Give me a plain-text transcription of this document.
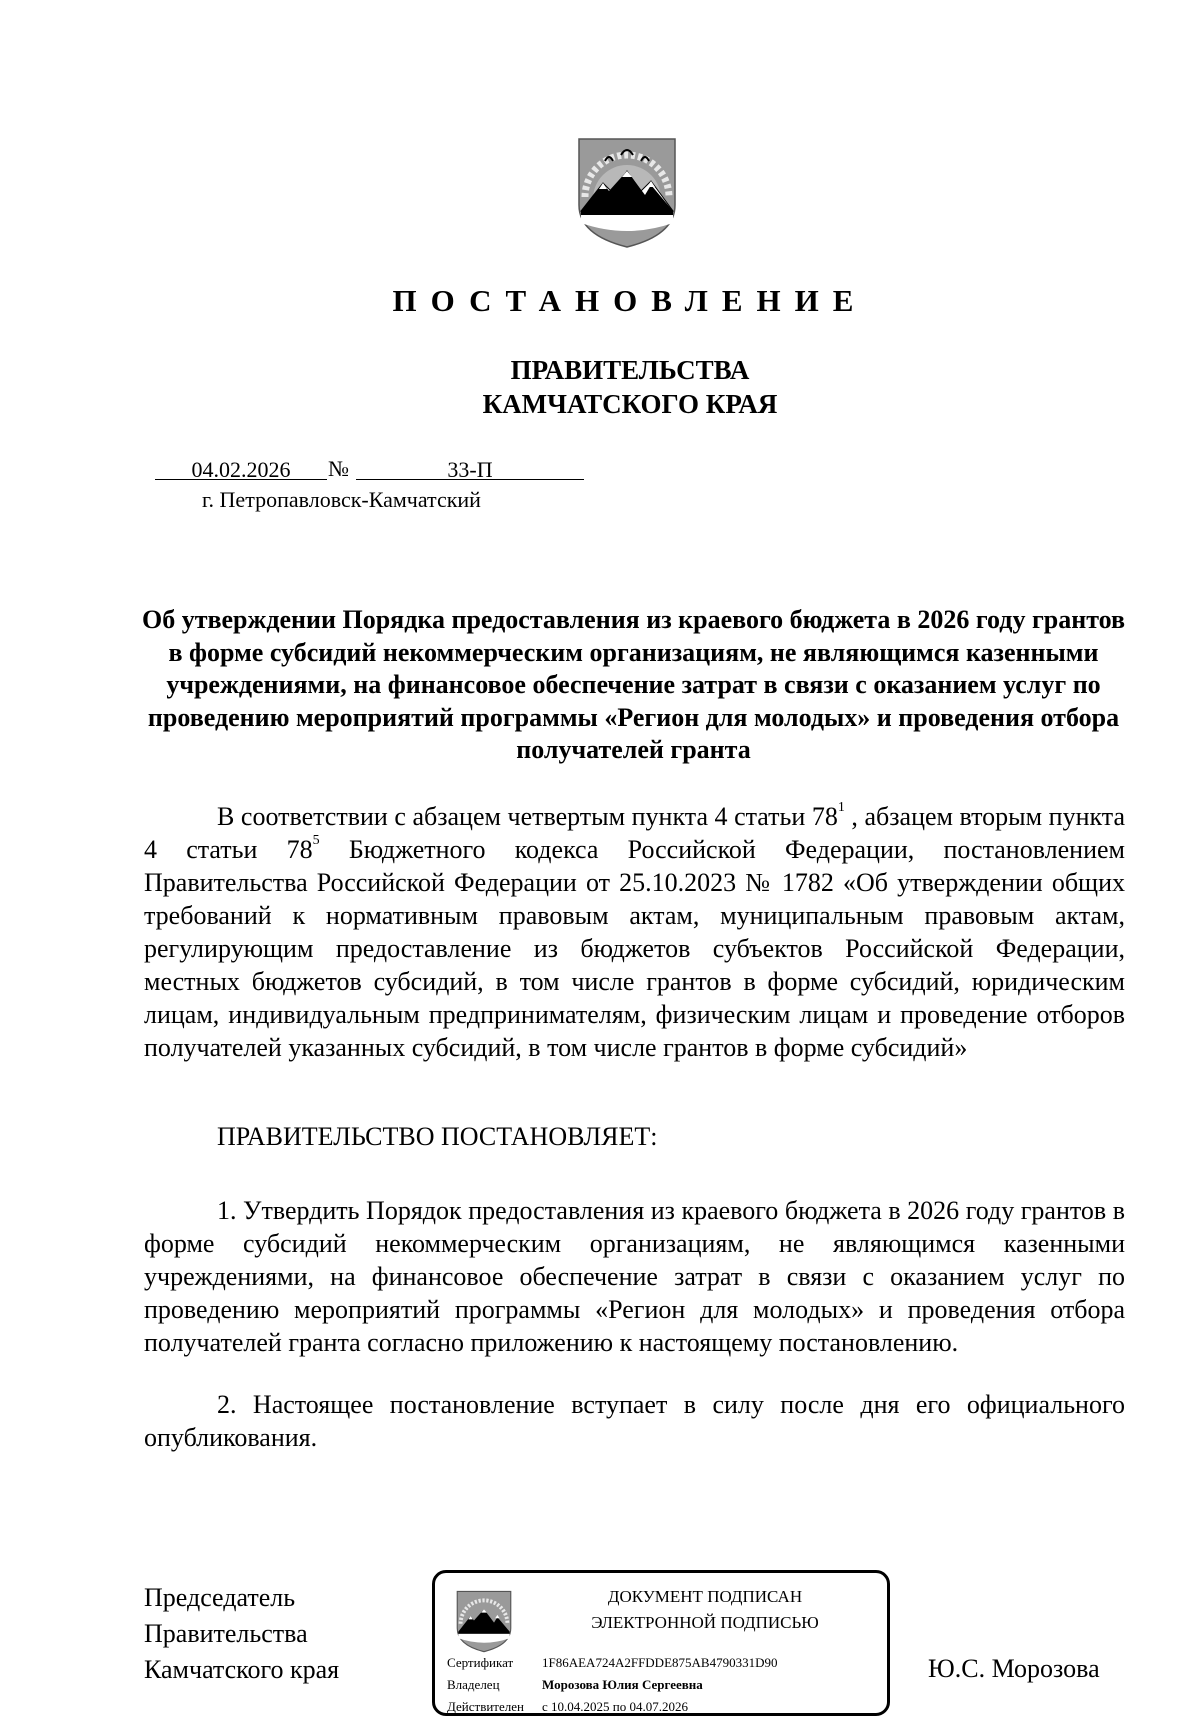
ПОСТАНОВЛЕНИЕ
ПРАВИТЕЛЬСТВА
КАМЧАТСКОГО КРАЯ
04.02.2026	№	33-П
г. Петропавловск-Камчатский
Об утверждении Порядка предоставления из краевого бюджета в 2026 году грантов в форме субсидий некоммерческим организациям, не являющимся казенными учреждениями, на финансовое обеспечение затрат в связи с оказанием услуг по проведению мероприятий программы «Регион для молодых» и проведения отбора получателей гранта
В соответствии с абзацем четвертым пункта 4 статьи $78^1$ , абзацем вторым пункта 4 статьи $78^5$ Бюджетного кодекса Российской Федерации, постановлением Правительства Российской Федерации от 25.10.2023 № 1782 «Об утверждении общих требований к нормативным правовым актам, муниципальным правовым актам, регулирующим предоставление из бюджетов субъектов Российской Федерации, местных бюджетов субсидий, в том числе грантов в форме субсидий, юридическим лицам, индивидуальным предпринимателям, физическим лицам и проведение отборов получателей указанных субсидий, в том числе грантов в форме субсидий»
ПРАВИТЕЛЬСТВО ПОСТАНОВЛЯЕТ:
1. Утвердить Порядок предоставления из краевого бюджета в 2026 году грантов в форме субсидий некоммерческим организациям, не являющимся казенными учреждениями, на финансовое обеспечение затрат в связи с оказанием услуг по проведению мероприятий программы «Регион для молодых» и проведения отбора получателей гранта согласно приложению к настоящему постановлению.
2. Настоящее постановление вступает в силу после дня его официального опубликования.
Председатель
Правительства
Камчатского края
ДОКУМЕНТ ПОДПИСАН
ЭЛЕКТРОННОЙ ПОДПИСЬЮ
Сертификат 1F86AEA724A2FFDDE875AB4790331D90
Владелец	Морозова Юлия Сергеевна
Действителен с 10.04.2025 по 04.07.2026
Ю.С. Морозова
